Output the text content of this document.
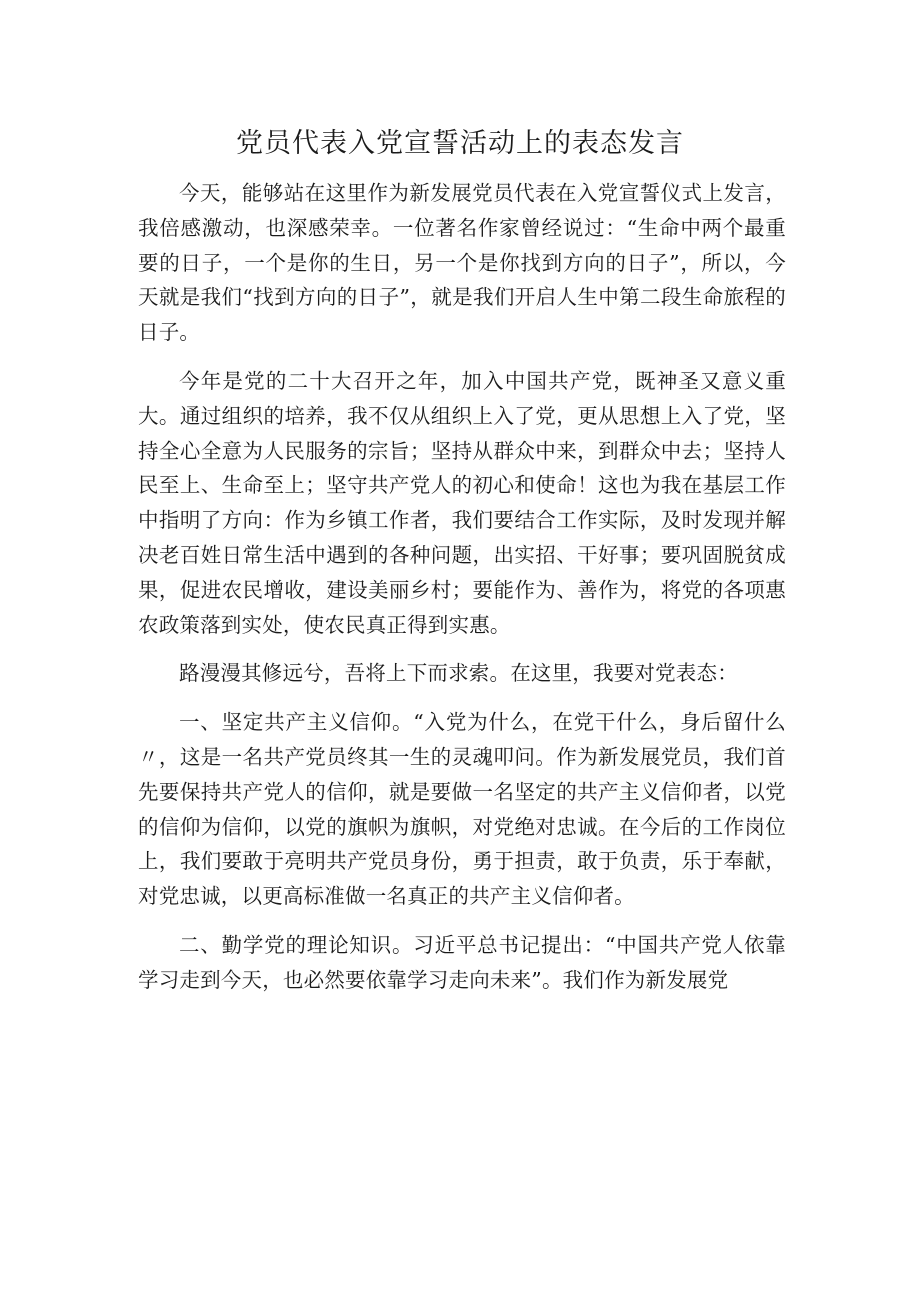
党员代表入党宣誓活动上的表态发言

今天，能够站在这里作为新发展党员代表在入党宣誓仪式上发言，我倍感激动，也深感荣幸。一位著名作家曾经说过：“生命中两个最重要的日子，一个是你的生日，另一个是你找到方向的日子”，所以，今天就是我们“找到方向的日子”，就是我们开启人生中第二段生命旅程的日子。

今年是党的二十大召开之年，加入中国共产党，既神圣又意义重大。通过组织的培养，我不仅从组织上入了党，更从思想上入了党，坚持全心全意为人民服务的宗旨；坚持从群众中来，到群众中去；坚持人民至上、生命至上；坚守共产党人的初心和使命！这也为我在基层工作中指明了方向：作为乡镇工作者，我们要结合工作实际，及时发现并解决老百姓日常生活中遇到的各种问题，出实招、干好事；要巩固脱贫成果，促进农民增收，建设美丽乡村；要能作为、善作为，将党的各项惠农政策落到实处，使农民真正得到实惠。

路漫漫其修远兮，吾将上下而求索。在这里，我要对党表态：

一、坚定共产主义信仰。“入党为什么，在党干什么，身后留什么〃，这是一名共产党员终其一生的灵魂叩问。作为新发展党员，我们首先要保持共产党人的信仰，就是要做一名坚定的共产主义信仰者，以党的信仰为信仰，以党的旗帜为旗帜，对党绝对忠诚。在今后的工作岗位上，我们要敢于亮明共产党员身份，勇于担责，敢于负责，乐于奉献，对党忠诚，以更高标准做一名真正的共产主义信仰者。

二、勤学党的理论知识。习近平总书记提出：“中国共产党人依靠学习走到今天，也必然要依靠学习走向未来”。我们作为新发展党
